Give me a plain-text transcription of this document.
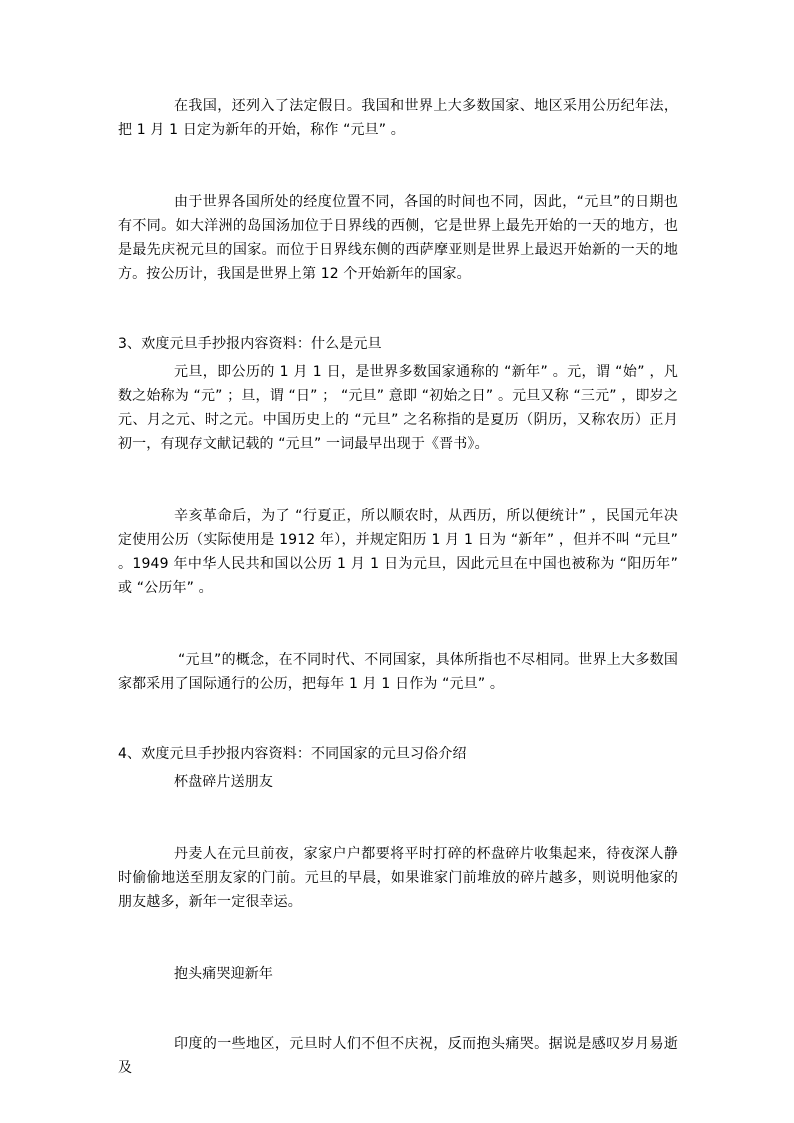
在我国，还列入了法定假日。我国和世界上大多数国家、地区采用公历纪年法，把 1 月 1 日定为新年的开始，称作 “元旦” 。

由于世界各国所处的经度位置不同，各国的时间也不同，因此，“元旦”的日期也有不同。如大洋洲的岛国汤加位于日界线的西侧，它是世界上最先开始的一天的地方，也是最先庆祝元旦的国家。而位于日界线东侧的西萨摩亚则是世界上最迟开始新的一天的地方。按公历计，我国是世界上第 12 个开始新年的国家。

3、欢度元旦手抄报内容资料：什么是元旦

元旦，即公历的 1 月 1 日，是世界多数国家通称的 “新年” 。元，谓 “始” ，凡数之始称为 “元” ；旦，谓 “日” ； “元旦” 意即 “初始之日” 。元旦又称 “三元” ，即岁之元、月之元、时之元。中国历史上的 “元旦” 之名称指的是夏历（阴历，又称农历）正月初一，有现存文献记载的 “元旦” 一词最早出现于《晋书》。

辛亥革命后，为了 “行夏正，所以顺农时，从西历，所以便统计” ，民国元年决定使用公历（实际使用是 1912 年），并规定阳历 1 月 1 日为 “新年” ，但并不叫 “元旦” 。1949 年中华人民共和国以公历 1 月 1 日为元旦，因此元旦在中国也被称为 “阳历年” 或 “公历年” 。

“元旦”的概念，在不同时代、不同国家，具体所指也不尽相同。世界上大多数国家都采用了国际通行的公历，把每年 1 月 1 日作为 “元旦” 。

4、欢度元旦手抄报内容资料：不同国家的元旦习俗介绍

杯盘碎片送朋友

丹麦人在元旦前夜，家家户户都要将平时打碎的杯盘碎片收集起来，待夜深人静时偷偷地送至朋友家的门前。元旦的早晨，如果谁家门前堆放的碎片越多，则说明他家的朋友越多，新年一定很幸运。

抱头痛哭迎新年

印度的一些地区，元旦时人们不但不庆祝，反而抱头痛哭。据说是感叹岁月易逝及
